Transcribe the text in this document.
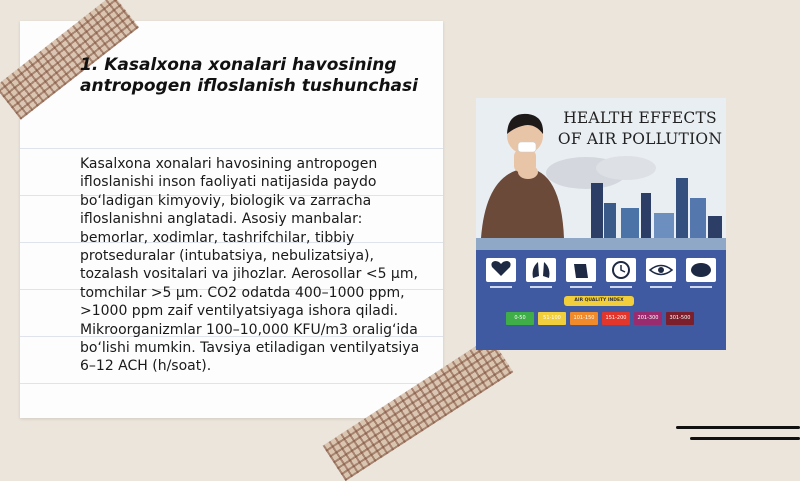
1. Kasalxona xonalari havosining antropogen ifloslanish tushunchasi

Kasalxona xonalari havosining antropogen ifloslanishi inson faoliyati natijasida paydo bo‘ladigan kimyoviy, biologik va zarracha ifloslanishni anglatadi. Asosiy manbalar: bemorlar, xodimlar, tashrifchilar, tibbiy protseduralar (intubatsiya, nebulizatsiya), tozalash vositalari va jihozlar. Aerosollar <5 μm, tomchilar >5 μm. CO2 odatda 400–1000 ppm, >1000 ppm zaif ventilyatsiyaga ishora qiladi. Mikroorganizmlar 100–10,000 KFU/m3 oralig‘ida bo‘lishi mumkin. Tavsiya etiladigan ventilyatsiya 6–12 ACH (h/soat).

HEALTH EFFECTS OF AIR POLLUTION
AIR QUALITY INDEX
0-50	51-100	101-150	151-200	201-300	301-500
